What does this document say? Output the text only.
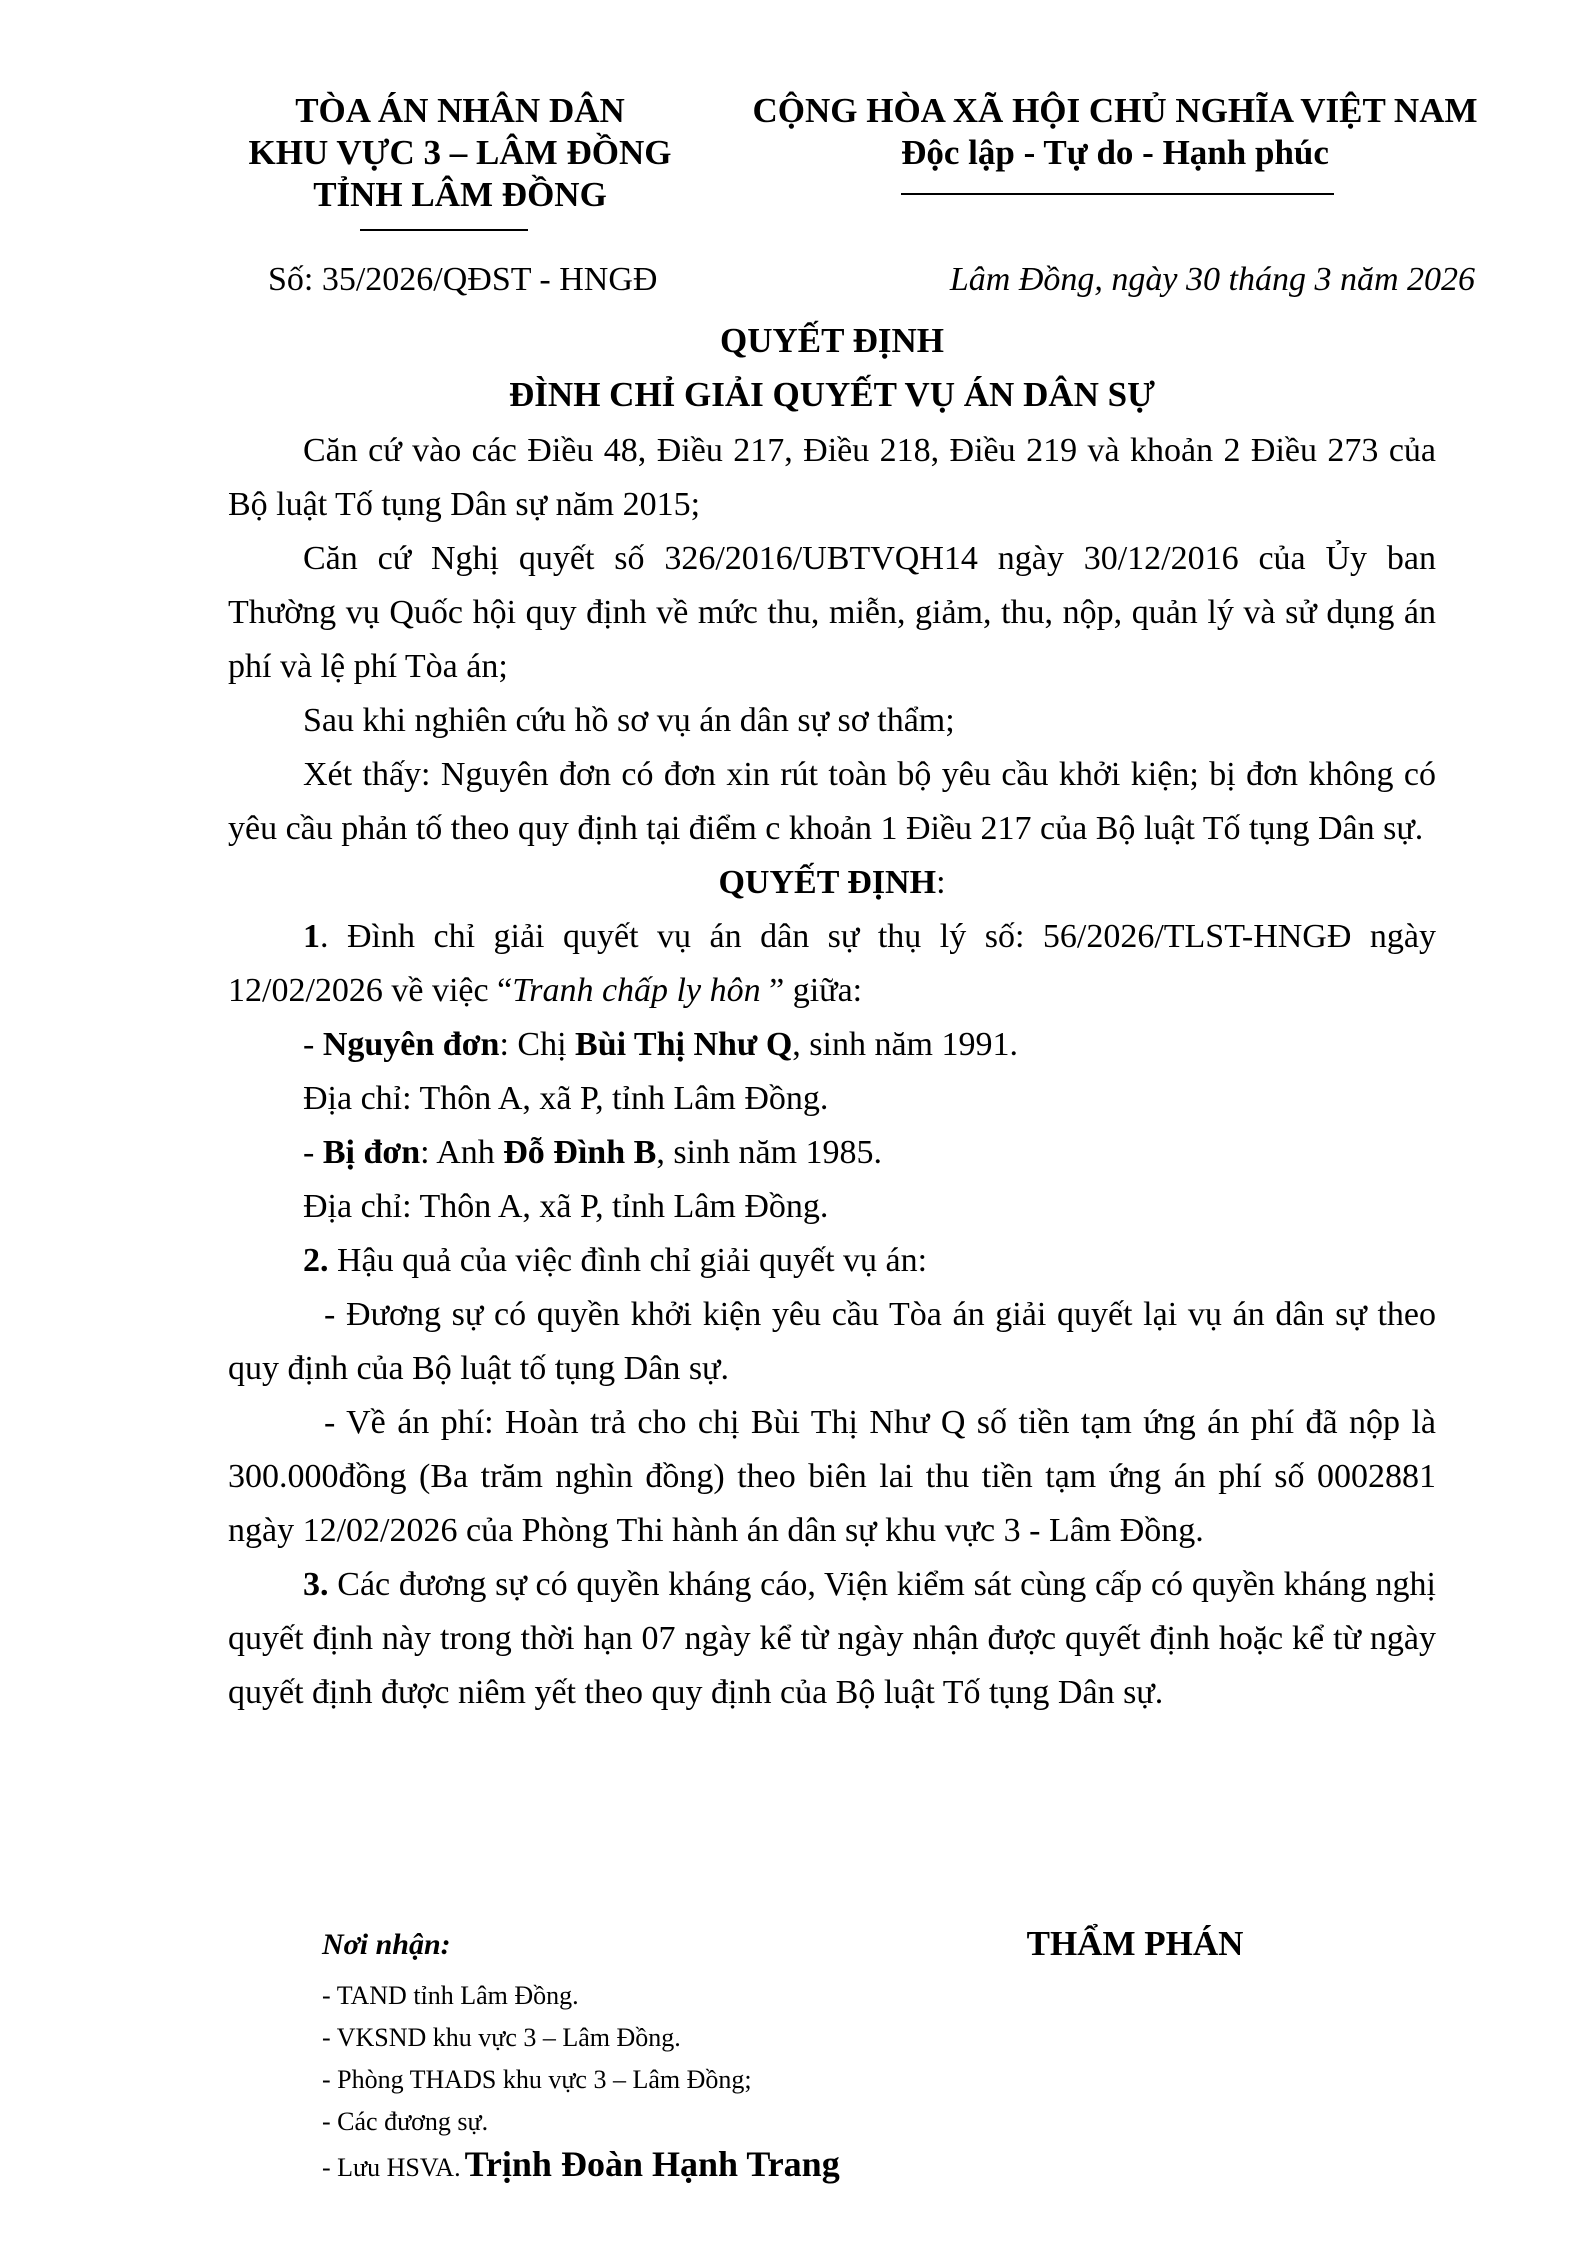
TÒA ÁN NHÂN DÂN
KHU VỰC 3 – LÂM ĐỒNG
TỈNH LÂM ĐỒNG
CỘNG HÒA XÃ HỘI CHỦ NGHĨA VIỆT NAM
Độc lập - Tự do - Hạnh phúc
Số: 35/2026/QĐST - HNGĐ	Lâm Đồng, ngày 30 tháng 3 năm 2026
QUYẾT ĐỊNH
ĐÌNH CHỈ GIẢI QUYẾT VỤ ÁN DÂN SỰ

Căn cứ vào các Điều 48, Điều 217, Điều 218, Điều 219 và khoản 2 Điều 273 của Bộ luật Tố tụng Dân sự năm 2015;

Căn cứ Nghị quyết số 326/2016/UBTVQH14 ngày 30/12/2016 của Ủy ban Thường vụ Quốc hội quy định về mức thu, miễn, giảm, thu, nộp, quản lý và sử dụng án phí và lệ phí Tòa án;

Sau khi nghiên cứu hồ sơ vụ án dân sự sơ thẩm;

Xét thấy: Nguyên đơn có đơn xin rút toàn bộ yêu cầu khởi kiện; bị đơn không có yêu cầu phản tố theo quy định tại điểm c khoản 1 Điều 217 của Bộ luật Tố tụng Dân sự.

QUYẾT ĐỊNH:

1. Đình chỉ giải quyết vụ án dân sự thụ lý số: 56/2026/TLST-HNGĐ ngày 12/02/2026 về việc “Tranh chấp ly hôn ” giữa:

- Nguyên đơn: Chị Bùi Thị Như Q, sinh năm 1991.

Địa chỉ: Thôn A, xã P, tỉnh Lâm Đồng.

- Bị đơn: Anh Đỗ Đình B, sinh năm 1985.

Địa chỉ: Thôn A, xã P, tỉnh Lâm Đồng.

2. Hậu quả của việc đình chỉ giải quyết vụ án:

- Đương sự có quyền khởi kiện yêu cầu Tòa án giải quyết lại vụ án dân sự theo quy định của Bộ luật tố tụng Dân sự.

- Về án phí: Hoàn trả cho chị Bùi Thị Như Q số tiền tạm ứng án phí đã nộp là 300.000đồng (Ba trăm nghìn đồng) theo biên lai thu tiền tạm ứng án phí số 0002881 ngày 12/02/2026 của Phòng Thi hành án dân sự khu vực 3 - Lâm Đồng.

3. Các đương sự có quyền kháng cáo, Viện kiểm sát cùng cấp có quyền kháng nghị quyết định này trong thời hạn 07 ngày kể từ ngày nhận được quyết định hoặc kể từ ngày quyết định được niêm yết theo quy định của Bộ luật Tố tụng Dân sự.

Nơi nhận:
- TAND tỉnh Lâm Đồng.
- VKSND khu vực 3 – Lâm Đồng.
- Phòng THADS khu vực 3 – Lâm Đồng;
- Các đương sự.
- Lưu HSVA. Trịnh Đoàn Hạnh Trang
THẨM PHÁN
